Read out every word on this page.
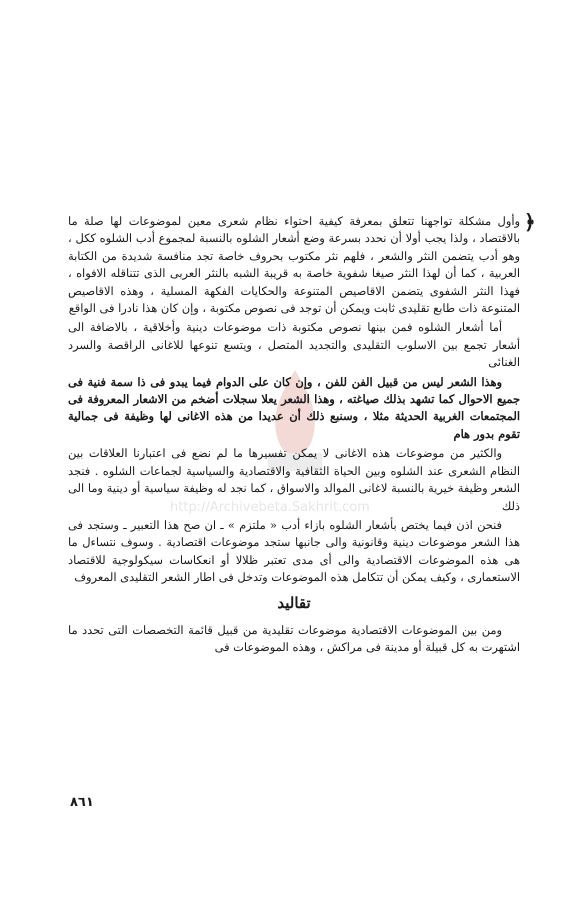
http://Archivebeta.Sakhrit.com
﴿

وأول مشكلة تواجهنا تتعلق بمعرفة كيفية احتواء نظام شعرى معين لموضوعات لها صلة ما بالاقتصاد ، ولذا يجب أولا أن نحدد بسرعة وضع أشعار الشلوه بالنسبة لمجموع أدب الشلوه ككل ، وهو أدب يتضمن النثر والشعر ، فلهم نثر مكتوب بحروف خاصة تجد منافسة شديدة من الكتابة العربية ، كما أن لهذا النثر صيغا شفوية خاصة به قريبة الشبه بالنثر العربى الذى تتناقله الافواه ، فهذا النثر الشفوى يتضمن الاقاصيص المتنوعة والحكايات الفكهة المسلية ، وهذه الاقاصيص المتنوعة ذات طابع تقليدى ثابت ويمكن أن توجد فى نصوص مكتوبة ، وإن كان هذا نادرا فى الواقع

أما أشعار الشلوه فمن بينها نصوص مكتوبة ذات موضوعات دينية وأخلاقية ، بالاضافة الى أشعار تجمع بين الاسلوب التقليدى والتجديد المتصل ، ويتسع تنوعها للاغانى الراقصة والسرد الغنائى

وهذا الشعر ليس من قبيل الفن للفن ، وإن كان على الدوام فيما يبدو فى ذا سمة فنية فى جميع الاحوال كما تشهد بذلك صياغته ، وهذا الشعر يعلا سجلات أضخم من الاشعار المعروفة فى المجتمعات الغربية الحديثة مثلا ، وسنبع ذلك أن عديدا من هذه الاغانى لها وظيفة فى جمالية تقوم بدور هام

والكثير من موضوعات هذه الاغانى لا يمكن تفسيرها ما لم نضع فى اعتبارنا العلاقات بين النظام الشعرى عند الشلوه وبين الحياة الثقافية والاقتصادية والسياسية لجماعات الشلوه . فنجد الشعر وظيفة خيرية بالنسبة لاغانى الموالد والاسواق ، كما نجد له وظيفة سياسية أو دينية وما الى ذلك

فنحن اذن فيما يختص بأشعار الشلوه بازاء أدب « ملتزم » ـ ان صح هذا التعبير ـ وستجد فى هذا الشعر موضوعات دينية وقانونية والى جانبها ستجد موضوعات اقتصادية . وسوف نتساءل ما هى هذه الموضوعات الاقتصادية والى أى مدى تعتبر ظلالا أو انعكاسات سيكولوجية للاقتصاد الاستعمارى ، وكيف يمكن أن تتكامل هذه الموضوعات وتدخل فى اطار الشعر التقليدى المعروف

تقاليد

ومن بين الموضوعات الاقتصادية موضوعات تقليدية من قبيل قائمة التخصصات التى تحدد ما اشتهرت به كل قبيلة أو مدينة فى مراكش ، وهذه الموضوعات فى

٨٦١
